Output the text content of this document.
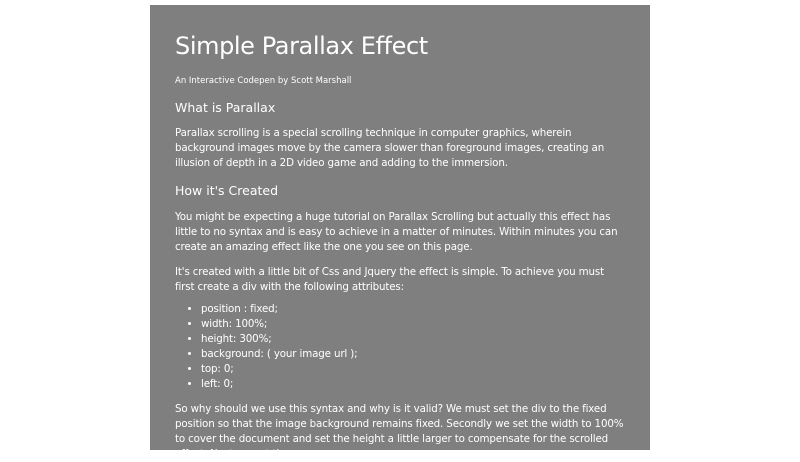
Simple Parallax Effect
An Interactive Codepen by Scott Marshall
What is Parallax

Parallax scrolling is a special scrolling technique in computer graphics, wherein background images move by the camera slower than foreground images, creating an illusion of depth in a 2D video game and adding to the immersion.

How it's Created

You might be expecting a huge tutorial on Parallax Scrolling but actually this effect has little to no syntax and is easy to achieve in a matter of minutes. Within minutes you can create an amazing effect like the one you see on this page.

It's created with a little bit of Css and Jquery the effect is simple. To achieve you must first create a div with the following attributes:

• position : fixed;
• width: 100%;
• height: 300%;
• background: ( your image url );
• top: 0;
• left: 0;

So why should we use this syntax and why is it valid? We must set the div to the fixed position so that the image background remains fixed. Secondly we set the width to 100% to cover the document and set the height a little larger to compensate for the scrolled effect. Next we set the
